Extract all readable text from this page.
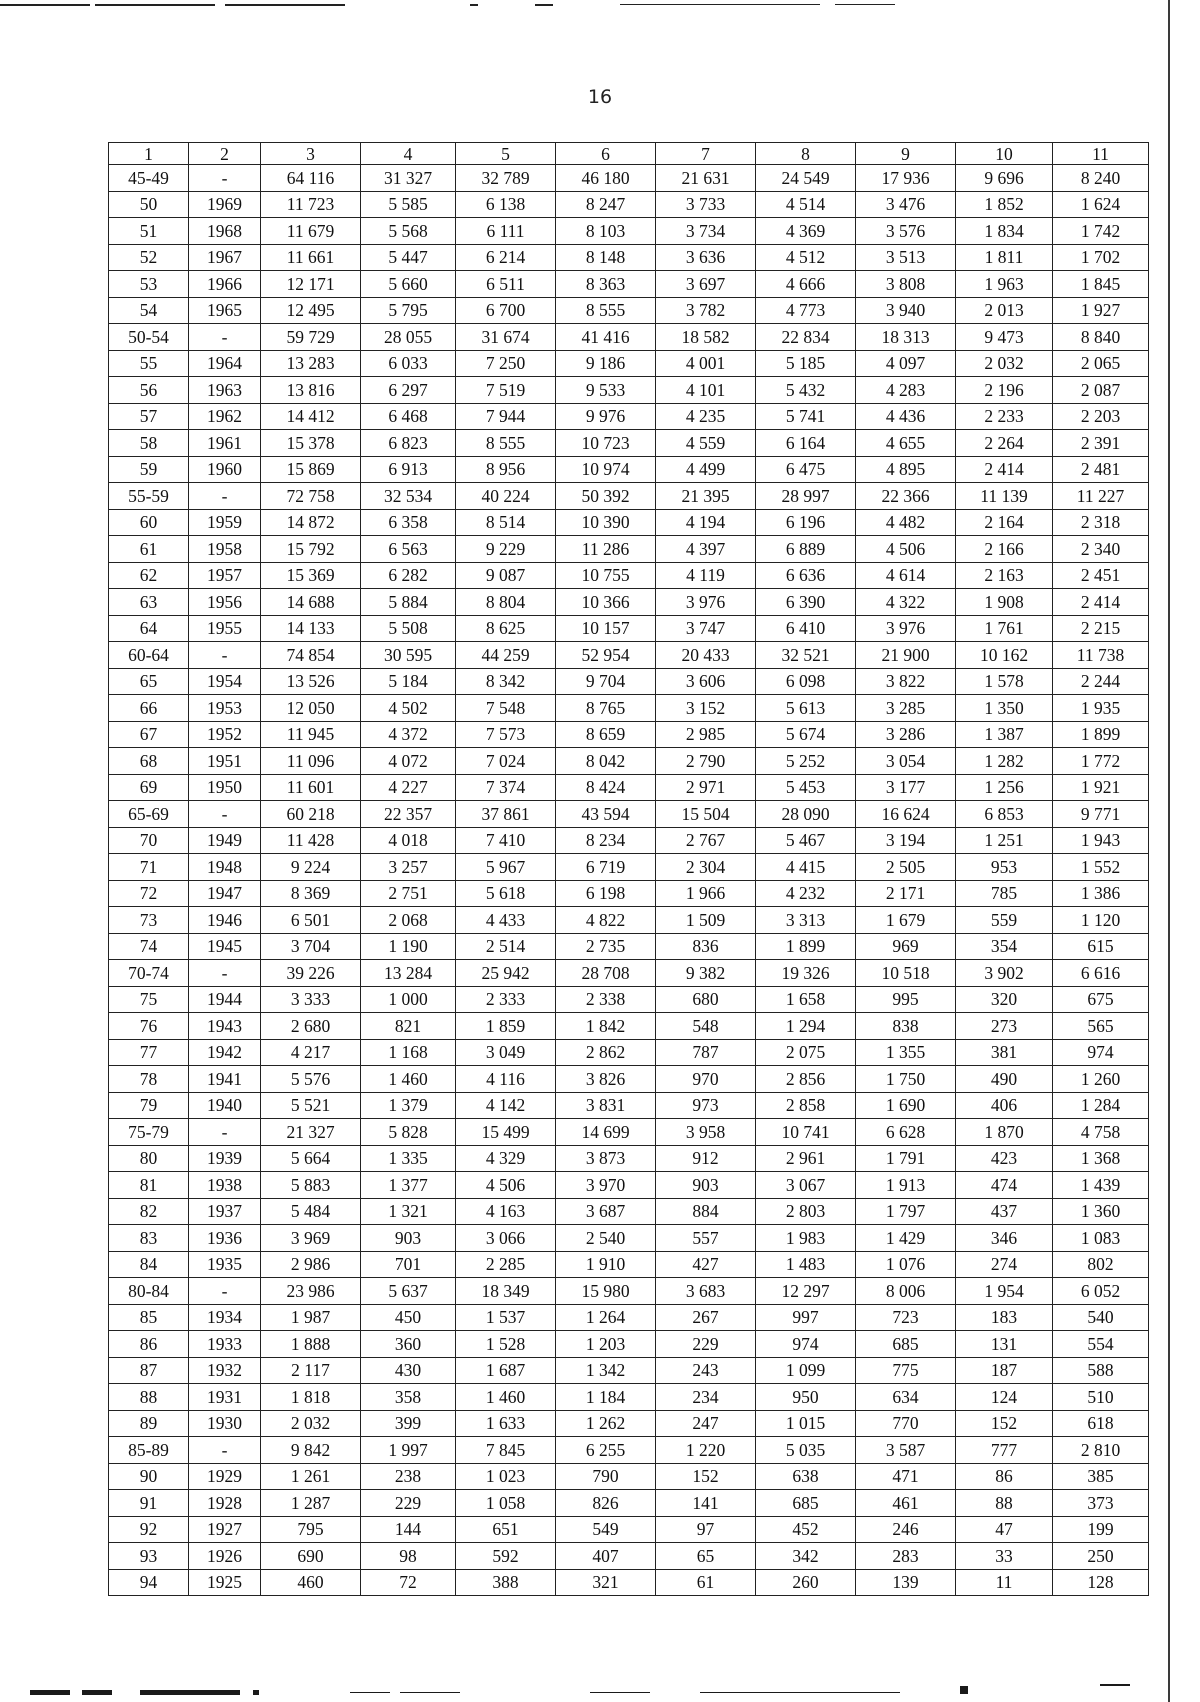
16
1	2	3	4	5	6	7	8	9	10	11
45-49	-	64 116	31 327	32 789	46 180	21 631	24 549	17 936	9 696	8 240
50	1969	11 723	5 585	6 138	8 247	3 733	4 514	3 476	1 852	1 624
51	1968	11 679	5 568	6 111	8 103	3 734	4 369	3 576	1 834	1 742
52	1967	11 661	5 447	6 214	8 148	3 636	4 512	3 513	1 811	1 702
53	1966	12 171	5 660	6 511	8 363	3 697	4 666	3 808	1 963	1 845
54	1965	12 495	5 795	6 700	8 555	3 782	4 773	3 940	2 013	1 927
50-54	-	59 729	28 055	31 674	41 416	18 582	22 834	18 313	9 473	8 840
55	1964	13 283	6 033	7 250	9 186	4 001	5 185	4 097	2 032	2 065
56	1963	13 816	6 297	7 519	9 533	4 101	5 432	4 283	2 196	2 087
57	1962	14 412	6 468	7 944	9 976	4 235	5 741	4 436	2 233	2 203
58	1961	15 378	6 823	8 555	10 723	4 559	6 164	4 655	2 264	2 391
59	1960	15 869	6 913	8 956	10 974	4 499	6 475	4 895	2 414	2 481
55-59	-	72 758	32 534	40 224	50 392	21 395	28 997	22 366	11 139	11 227
60	1959	14 872	6 358	8 514	10 390	4 194	6 196	4 482	2 164	2 318
61	1958	15 792	6 563	9 229	11 286	4 397	6 889	4 506	2 166	2 340
62	1957	15 369	6 282	9 087	10 755	4 119	6 636	4 614	2 163	2 451
63	1956	14 688	5 884	8 804	10 366	3 976	6 390	4 322	1 908	2 414
64	1955	14 133	5 508	8 625	10 157	3 747	6 410	3 976	1 761	2 215
60-64	-	74 854	30 595	44 259	52 954	20 433	32 521	21 900	10 162	11 738
65	1954	13 526	5 184	8 342	9 704	3 606	6 098	3 822	1 578	2 244
66	1953	12 050	4 502	7 548	8 765	3 152	5 613	3 285	1 350	1 935
67	1952	11 945	4 372	7 573	8 659	2 985	5 674	3 286	1 387	1 899
68	1951	11 096	4 072	7 024	8 042	2 790	5 252	3 054	1 282	1 772
69	1950	11 601	4 227	7 374	8 424	2 971	5 453	3 177	1 256	1 921
65-69	-	60 218	22 357	37 861	43 594	15 504	28 090	16 624	6 853	9 771
70	1949	11 428	4 018	7 410	8 234	2 767	5 467	3 194	1 251	1 943
71	1948	9 224	3 257	5 967	6 719	2 304	4 415	2 505	953	1 552
72	1947	8 369	2 751	5 618	6 198	1 966	4 232	2 171	785	1 386
73	1946	6 501	2 068	4 433	4 822	1 509	3 313	1 679	559	1 120
74	1945	3 704	1 190	2 514	2 735	836	1 899	969	354	615
70-74	-	39 226	13 284	25 942	28 708	9 382	19 326	10 518	3 902	6 616
75	1944	3 333	1 000	2 333	2 338	680	1 658	995	320	675
76	1943	2 680	821	1 859	1 842	548	1 294	838	273	565
77	1942	4 217	1 168	3 049	2 862	787	2 075	1 355	381	974
78	1941	5 576	1 460	4 116	3 826	970	2 856	1 750	490	1 260
79	1940	5 521	1 379	4 142	3 831	973	2 858	1 690	406	1 284
75-79	-	21 327	5 828	15 499	14 699	3 958	10 741	6 628	1 870	4 758
80	1939	5 664	1 335	4 329	3 873	912	2 961	1 791	423	1 368
81	1938	5 883	1 377	4 506	3 970	903	3 067	1 913	474	1 439
82	1937	5 484	1 321	4 163	3 687	884	2 803	1 797	437	1 360
83	1936	3 969	903	3 066	2 540	557	1 983	1 429	346	1 083
84	1935	2 986	701	2 285	1 910	427	1 483	1 076	274	802
80-84	-	23 986	5 637	18 349	15 980	3 683	12 297	8 006	1 954	6 052
85	1934	1 987	450	1 537	1 264	267	997	723	183	540
86	1933	1 888	360	1 528	1 203	229	974	685	131	554
87	1932	2 117	430	1 687	1 342	243	1 099	775	187	588
88	1931	1 818	358	1 460	1 184	234	950	634	124	510
89	1930	2 032	399	1 633	1 262	247	1 015	770	152	618
85-89	-	9 842	1 997	7 845	6 255	1 220	5 035	3 587	777	2 810
90	1929	1 261	238	1 023	790	152	638	471	86	385
91	1928	1 287	229	1 058	826	141	685	461	88	373
92	1927	795	144	651	549	97	452	246	47	199
93	1926	690	98	592	407	65	342	283	33	250
94	1925	460	72	388	321	61	260	139	11	128
